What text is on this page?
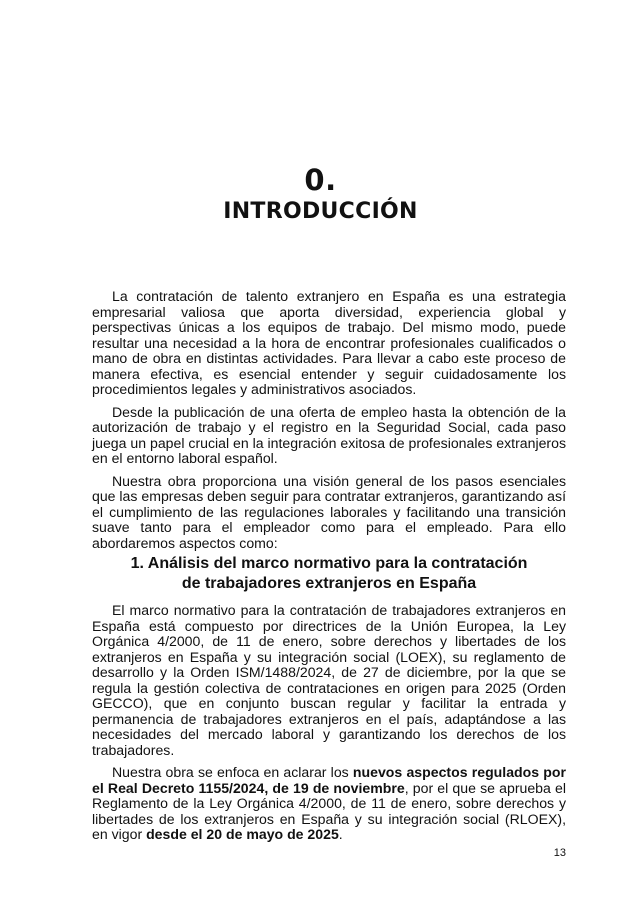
0.
INTRODUCCIÓN

La contratación de talento extranjero en España es una estrategia empresarial valiosa que aporta diversidad, experiencia global y perspectivas únicas a los equipos de trabajo. Del mismo modo, puede resultar una necesidad a la hora de encontrar profesionales cualificados o mano de obra en distintas actividades. Para llevar a cabo este proceso de manera efectiva, es esencial entender y seguir cuidadosamente los procedimientos legales y administrativos asociados.

Desde la publicación de una oferta de empleo hasta la obtención de la autorización de trabajo y el registro en la Seguridad Social, cada paso juega un papel crucial en la integración exitosa de profesionales extranjeros en el entorno laboral español.

Nuestra obra proporciona una visión general de los pasos esenciales que las empresas deben seguir para contratar extranjeros, garantizando así el cumplimiento de las regulaciones laborales y facilitando una transición suave tanto para el empleador como para el empleado. Para ello abordaremos aspectos como:

1. Análisis del marco normativo para la contratación
de trabajadores extranjeros en España

El marco normativo para la contratación de trabajadores extranjeros en España está compuesto por directrices de la Unión Europea, la Ley Orgánica 4/2000, de 11 de enero, sobre derechos y libertades de los extranjeros en España y su integración social (LOEX), su reglamento de desarrollo y la Orden ISM/1488/2024, de 27 de diciembre, por la que se regula la gestión colectiva de contrataciones en origen para 2025 (Orden GECCO), que en conjunto buscan regular y facilitar la entrada y permanencia de trabajadores extranjeros en el país, adaptándose a las necesidades del mercado laboral y garantizando los derechos de los trabajadores.

Nuestra obra se enfoca en aclarar los nuevos aspectos regulados por el Real Decreto 1155/2024, de 19 de noviembre, por el que se aprueba el Reglamento de la Ley Orgánica 4/2000, de 11 de enero, sobre derechos y libertades de los extranjeros en España y su integración social (RLOEX), en vigor desde el 20 de mayo de 2025.

13
